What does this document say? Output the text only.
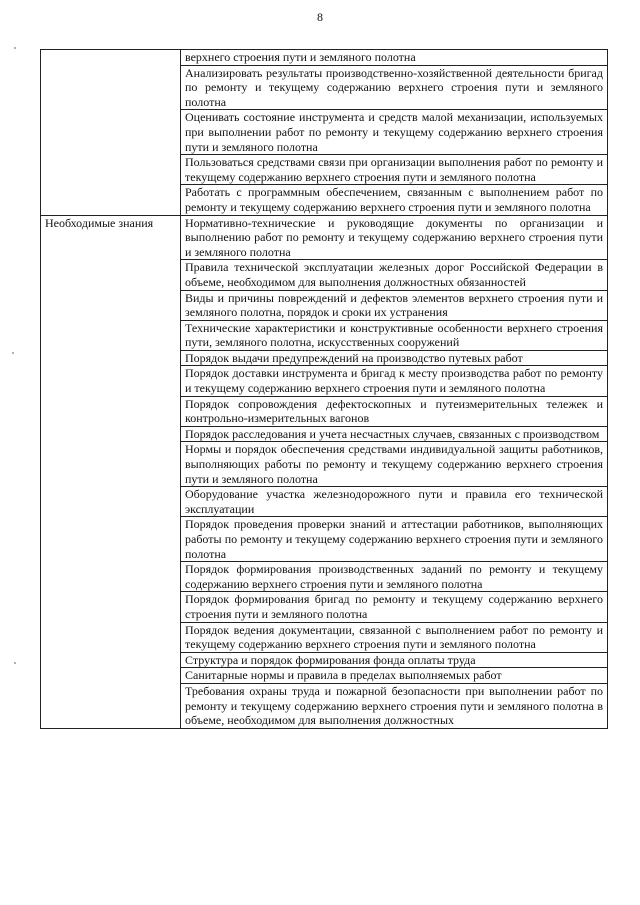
8
	верхнего строения пути и земляного полотна
	Анализировать результаты производственно-хозяйственной деятельности бригад по ремонту и текущему содержанию верхнего строения пути и земляного полотна
	Оценивать состояние инструмента и средств малой механизации, используемых при выполнении работ по ремонту и текущему содержанию верхнего строения пути и земляного полотна
	Пользоваться средствами связи при организации выполнения работ по ремонту и текущему содержанию верхнего строения пути и земляного полотна
	Работать с программным обеспечением, связанным с выполнением работ по ремонту и текущему содержанию верхнего строения пути и земляного полотна
Необходимые знания	Нормативно-технические и руководящие документы по организации и выполнению работ по ремонту и текущему содержанию верхнего строения пути и земляного полотна
	Правила технической эксплуатации железных дорог Российской Федерации в объеме, необходимом для выполнения должностных обязанностей
	Виды и причины повреждений и дефектов элементов верхнего строения пути и земляного полотна, порядок и сроки их устранения
	Технические характеристики и конструктивные особенности верхнего строения пути, земляного полотна, искусственных сооружений
	Порядок выдачи предупреждений на производство путевых работ
	Порядок доставки инструмента и бригад к месту производства работ по ремонту и текущему содержанию верхнего строения пути и земляного полотна
	Порядок сопровождения дефектоскопных и путеизмерительных тележек и контрольно-измерительных вагонов
	Порядок расследования и учета несчастных случаев, связанных с производством
	Нормы и порядок обеспечения средствами индивидуальной защиты работников, выполняющих работы по ремонту и текущему содержанию верхнего строения пути и земляного полотна
	Оборудование участка железнодорожного пути и правила его технической эксплуатации
	Порядок проведения проверки знаний и аттестации работников, выполняющих работы по ремонту и текущему содержанию верхнего строения пути и земляного полотна
	Порядок формирования производственных заданий по ремонту и текущему содержанию верхнего строения пути и земляного полотна
	Порядок формирования бригад по ремонту и текущему содержанию верхнего строения пути и земляного полотна
	Порядок ведения документации, связанной с выполнением работ по ремонту и текущему содержанию верхнего строения пути и земляного полотна
	Структура и порядок формирования фонда оплаты труда
	Санитарные нормы и правила в пределах выполняемых работ
	Требования охраны труда и пожарной безопасности при выполнении работ по ремонту и текущему содержанию верхнего строения пути и земляного полотна в объеме, необходимом для выполнения должностных
